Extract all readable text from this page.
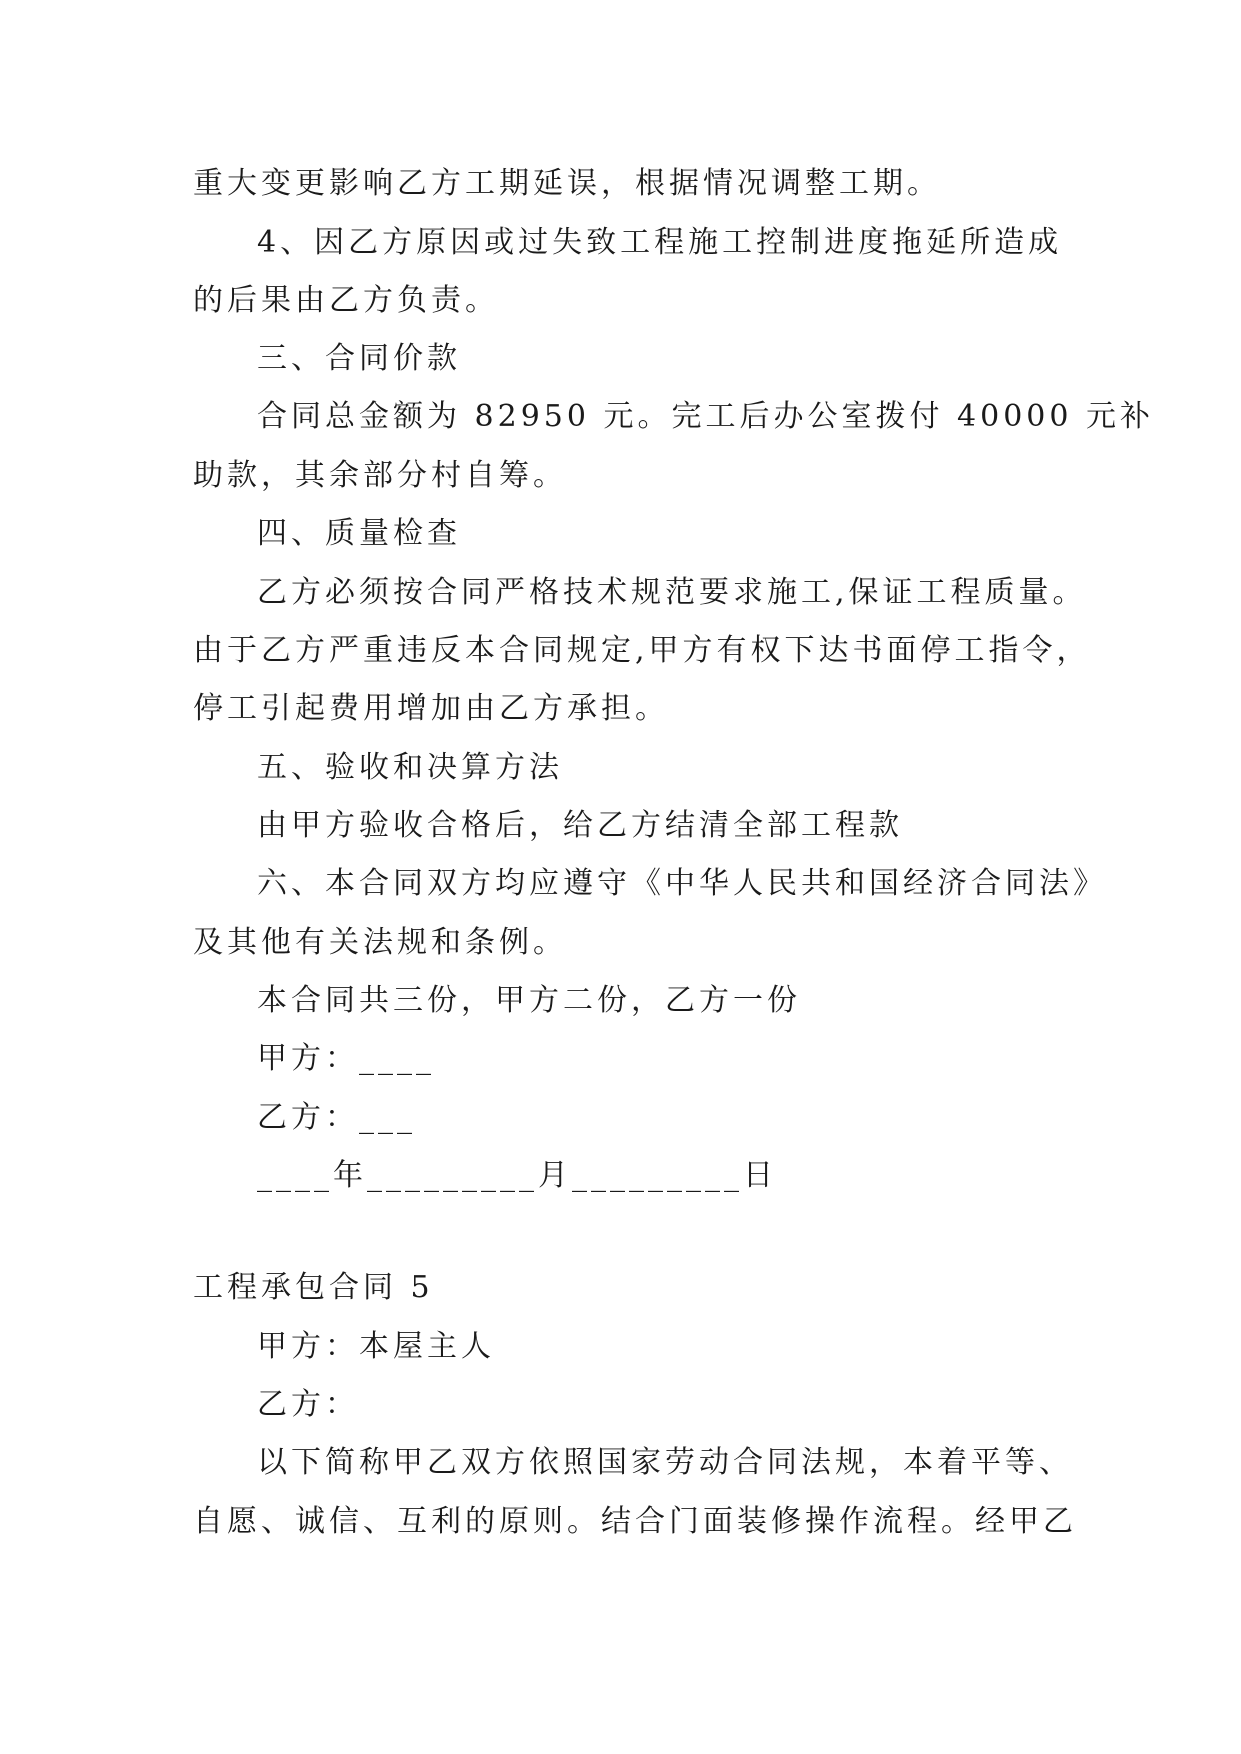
重大变更影响乙方工期延误，根据情况调整工期。
4、因乙方原因或过失致工程施工控制进度拖延所造成
的后果由乙方负责。
三、合同价款
合同总金额为 82950 元。完工后办公室拨付 40000 元补
助款，其余部分村自筹。
四、质量检查
乙方必须按合同严格技术规范要求施工,保证工程质量。
由于乙方严重违反本合同规定,甲方有权下达书面停工指令，
停工引起费用增加由乙方承担。
五、验收和决算方法
由甲方验收合格后，给乙方结清全部工程款
六、本合同双方均应遵守《中华人民共和国经济合同法》
及其他有关法规和条例。
本合同共三份，甲方二份，乙方一份
甲方：____
乙方：___
____年_________月_________日
工程承包合同 5
甲方：本屋主人
乙方：
以下简称甲乙双方依照国家劳动合同法规，本着平等、
自愿、诚信、互利的原则。结合门面装修操作流程。经甲乙
